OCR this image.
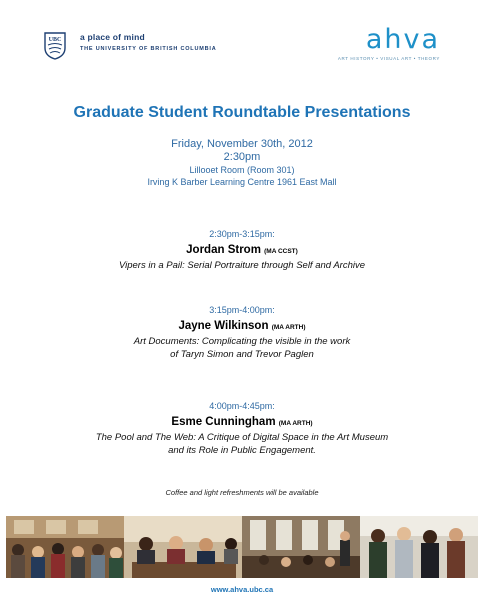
UBC a place of mind
THE UNIVERSITY OF BRITISH COLUMBIA	ahva
ART HISTORY • VISUAL ART • THEORY
Graduate Student Roundtable Presentations
Friday, November 30th, 2012
2:30pm
Lillooet Room (Room 301)
Irving K Barber Learning Centre 1961 East Mall
2:30pm-3:15pm:
Jordan Strom (MA CCST)
Vipers in a Pail: Serial Portraiture through Self and Archive
3:15pm-4:00pm:
Jayne Wilkinson (MA ARTH)
Art Documents: Complicating the visible in the work
of Taryn Simon and Trevor Paglen
4:00pm-4:45pm:
Esme Cunningham (MA ARTH)
The Pool and The Web: A Critique of Digital Space in the Art Museum
and its Role in Public Engagement.
Coffee and light refreshments will be available
www.ahva.ubc.ca
